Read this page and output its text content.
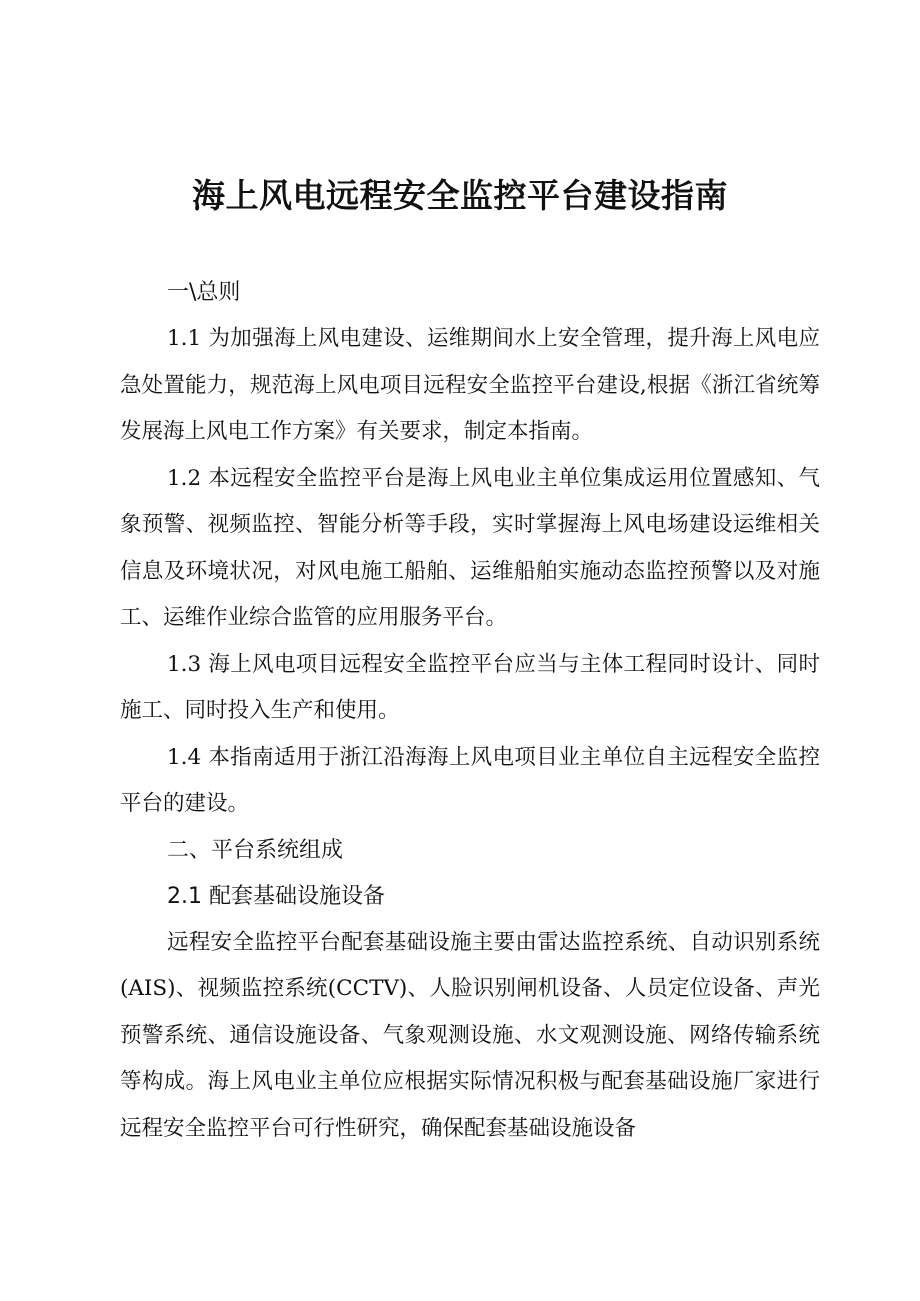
海上风电远程安全监控平台建设指南

一\总则

1.1 为加强海上风电建设、运维期间水上安全管理，提升海上风电应急处置能力，规范海上风电项目远程安全监控平台建设,根据《浙江省统筹发展海上风电工作方案》有关要求，制定本指南。

1.2 本远程安全监控平台是海上风电业主单位集成运用位置感知、气象预警、视频监控、智能分析等手段，实时掌握海上风电场建设运维相关信息及环境状况，对风电施工船舶、运维船舶实施动态监控预警以及对施工、运维作业综合监管的应用服务平台。

1.3 海上风电项目远程安全监控平台应当与主体工程同时设计、同时施工、同时投入生产和使用。

1.4 本指南适用于浙江沿海海上风电项目业主单位自主远程安全监控平台的建设。

二、平台系统组成

2.1 配套基础设施设备

远程安全监控平台配套基础设施主要由雷达监控系统、自动识别系统(AIS)、视频监控系统(CCTV)、人脸识别闸机设备、人员定位设备、声光预警系统、通信设施设备、气象观测设施、水文观测设施、网络传输系统等构成。海上风电业主单位应根据实际情况积极与配套基础设施厂家进行远程安全监控平台可行性研究，确保配套基础设施设备
